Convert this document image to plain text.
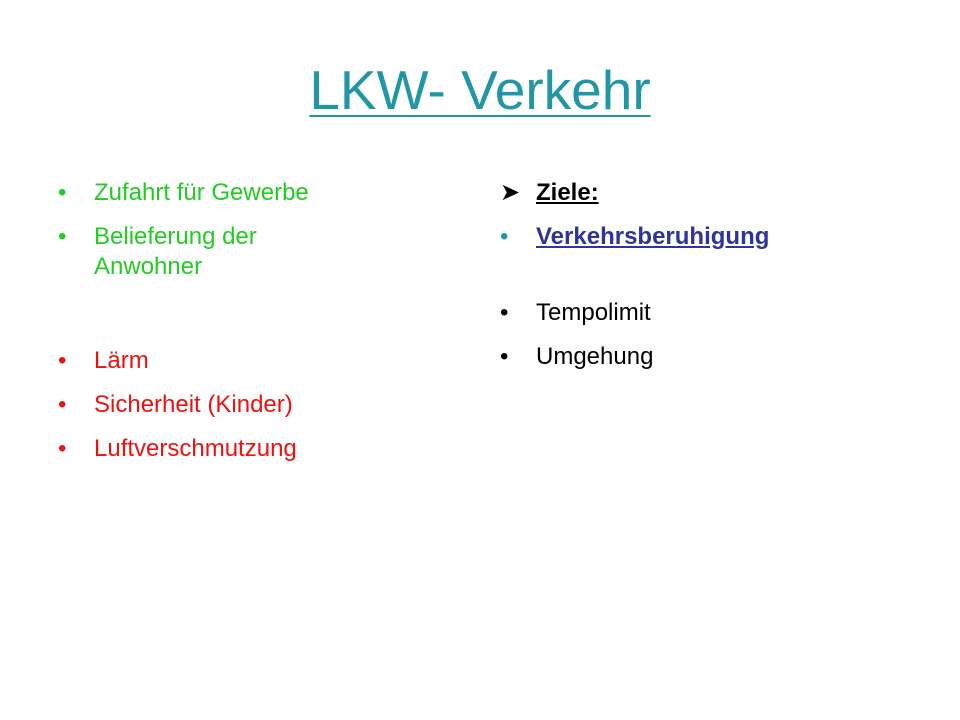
LKW- Verkehr
•	Zufahrt für Gewerbe
•	Belieferung der
Anwohner
•	Lärm
•	Sicherheit (Kinder)
•	Luftverschmutzung
➤ Ziele:
•	Verkehrsberuhigung
•	Tempolimit
•	Umgehung
